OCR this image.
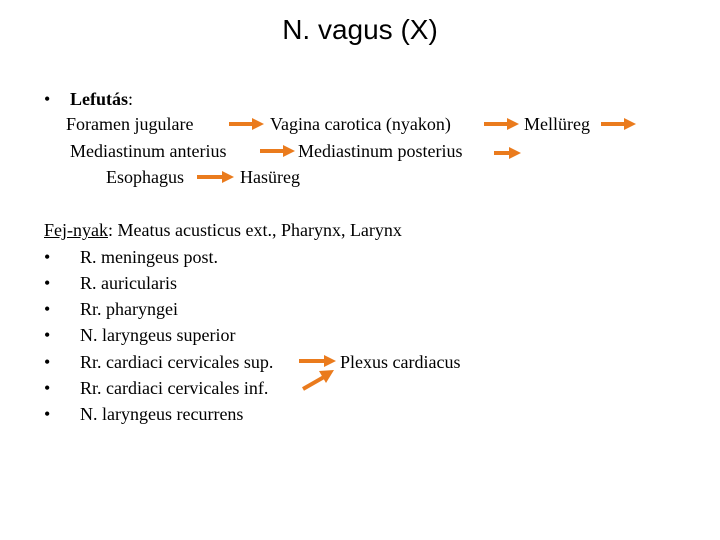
N. vagus (X)
• Lefutás:
Foramen jugulare	Vagina carotica (nyakon)	Mellüreg
Mediastinum anterius	Mediastinum posterius
Esophagus	Hasüreg
Fej-nyak: Meatus acusticus ext., Pharynx, Larynx
• R. meningeus post.
• R. auricularis
• Rr. pharyngei
• N. laryngeus superior
• Rr. cardiaci cervicales sup.	Plexus cardiacus
• Rr. cardiaci cervicales inf.
• N. laryngeus recurrens
